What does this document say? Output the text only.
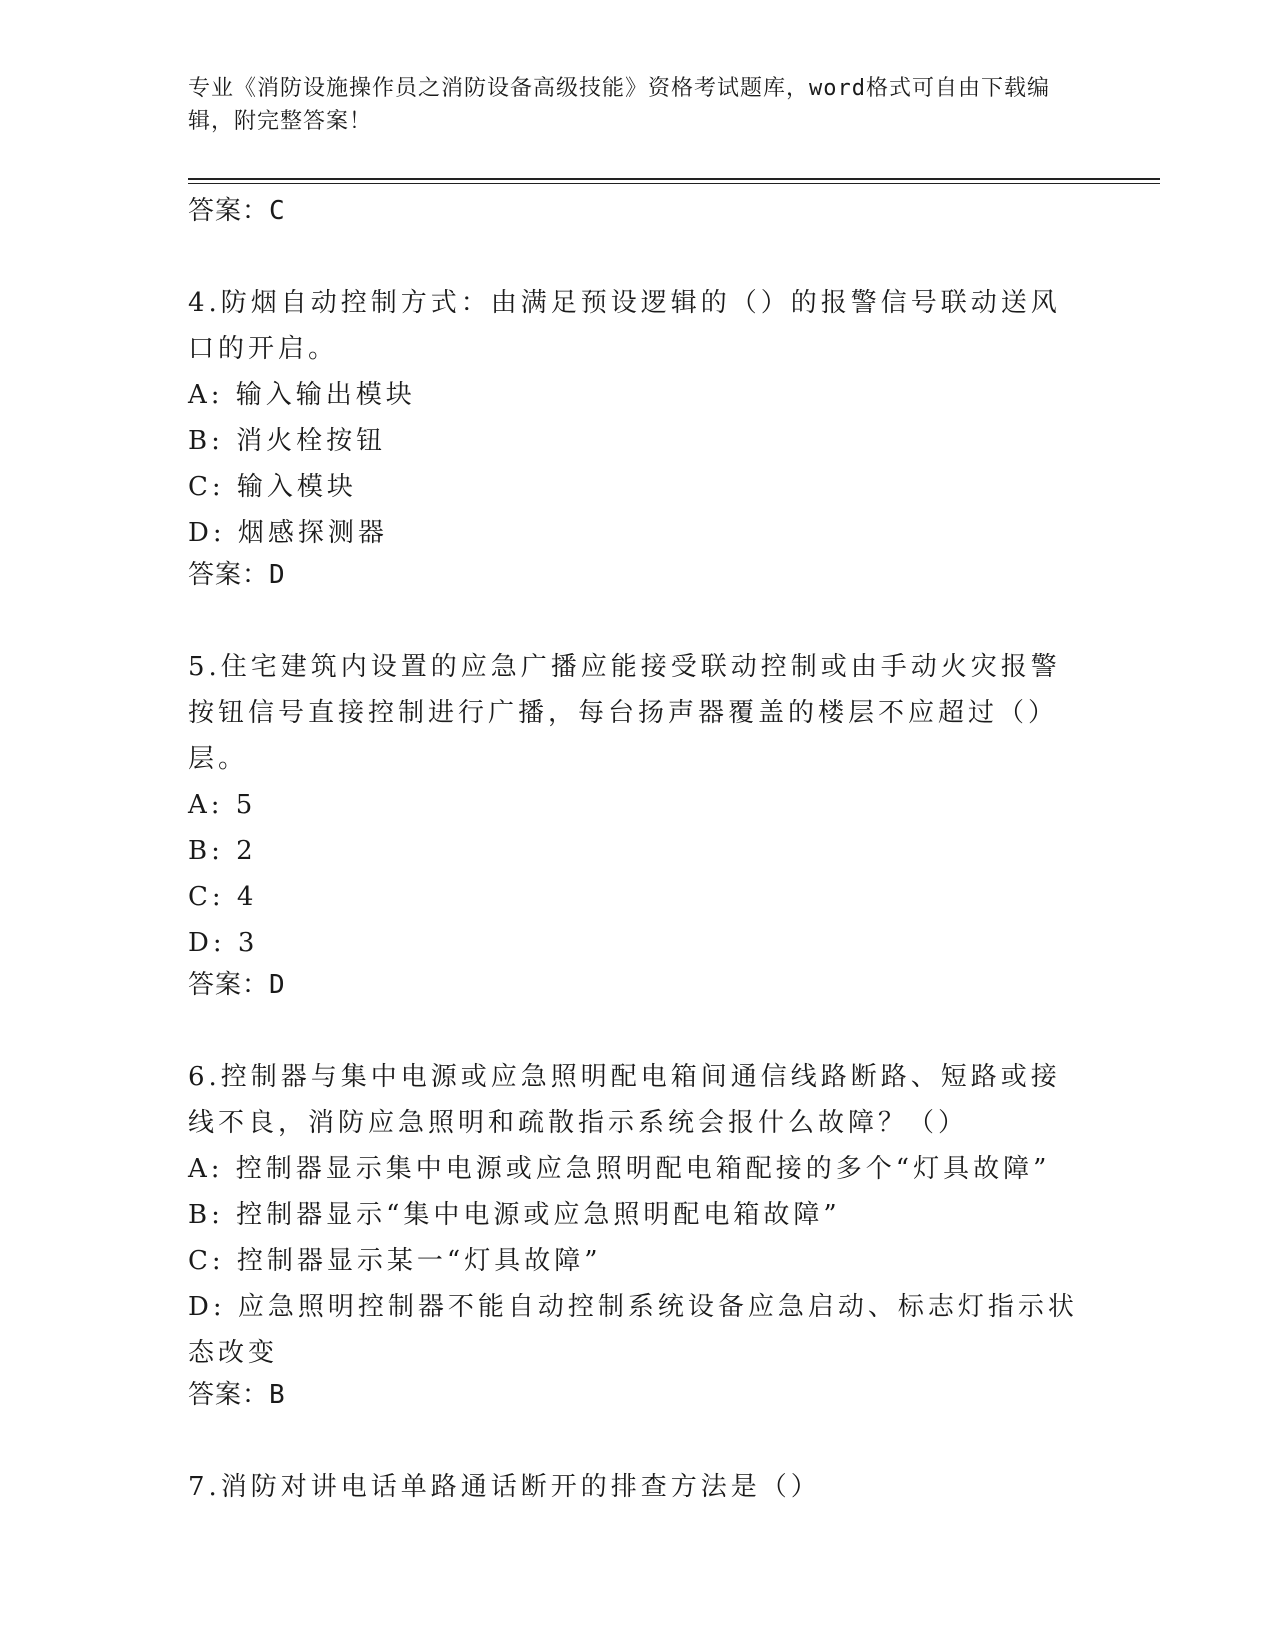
专业《消防设施操作员之消防设备高级技能》资格考试题库，word格式可自由下载编辑，附完整答案！
答案：C
4.防烟自动控制方式：由满足预设逻辑的（）的报警信号联动送风口的开启。
A: 输入输出模块
B: 消火栓按钮
C: 输入模块
D: 烟感探测器
答案：D
5.住宅建筑内设置的应急广播应能接受联动控制或由手动火灾报警按钮信号直接控制进行广播，每台扬声器覆盖的楼层不应超过（）层。
A: 5
B: 2
C: 4
D: 3
答案：D
6.控制器与集中电源或应急照明配电箱间通信线路断路、短路或接线不良，消防应急照明和疏散指示系统会报什么故障？（）
A: 控制器显示集中电源或应急照明配电箱配接的多个“灯具故障”
B: 控制器显示“集中电源或应急照明配电箱故障”
C: 控制器显示某一“灯具故障”
D: 应急照明控制器不能自动控制系统设备应急启动、标志灯指示状态改变
答案：B
7.消防对讲电话单路通话断开的排查方法是（）
